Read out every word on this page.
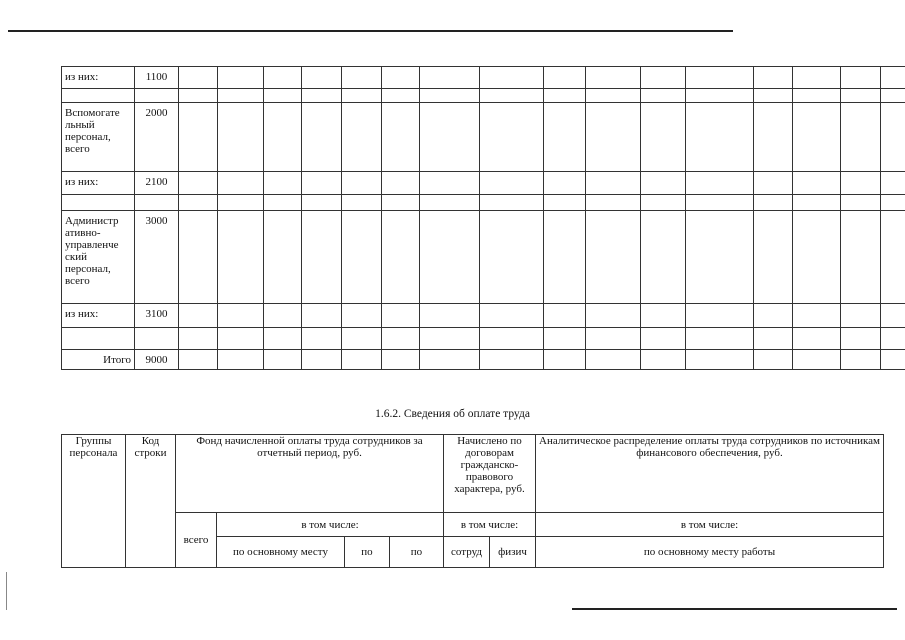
из них:	1100																

Вспомогате льный персонал, всего	2000																
из них:	2100																

Администр ативно- управленче ский персонал, всего	3000																
из них:	3100																

Итого	9000																
1.6.2. Сведения об оплате труда
Группы персонала	Код строки	Фонд начисленной оплаты труда сотрудников за отчетный период, руб.				Начислено по договорам гражданско-правового характера, руб.		Аналитическое распределение оплаты труда сотрудников по источникам финансового обеспечения, руб.
		всего	в том числе:			в том числе:		в том числе:
			по основному месту	по	по	сотруд	физич	по основному месту работы
